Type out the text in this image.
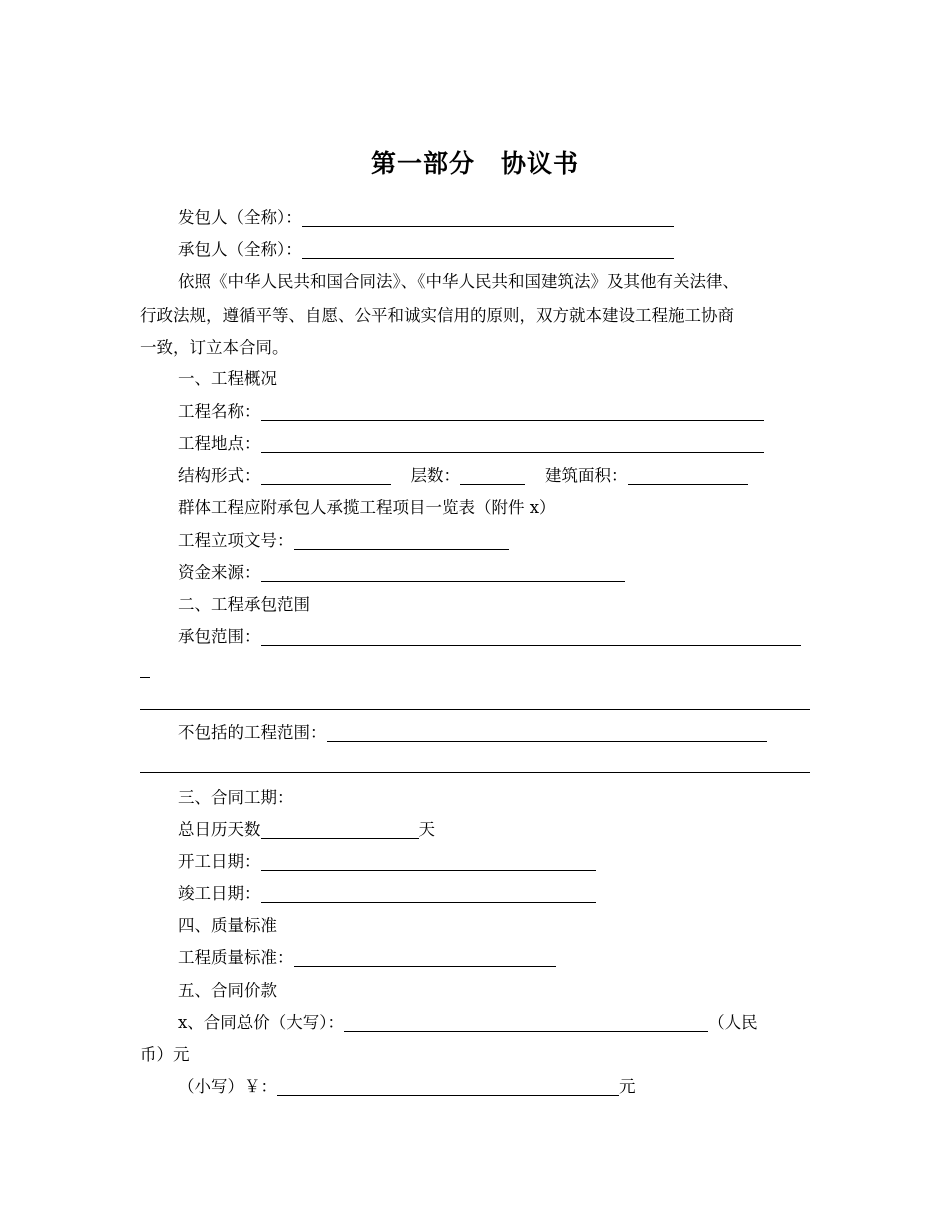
第一部分　协议书
发包人（全称）：
承包人（全称）：
依照《中华人民共和国合同法》、《中华人民共和国建筑法》及其他有关法律、
行政法规，遵循平等、自愿、公平和诚实信用的原则，双方就本建设工程施工协商
一致，订立本合同。
一、工程概况
工程名称：
工程地点：
结构形式：	层数：	建筑面积：
群体工程应附承包人承揽工程项目一览表（附件 x）
工程立项文号：
资金来源：
二、工程承包范围
承包范围：
不包括的工程范围：
三、合同工期：
总日历天数	天
开工日期：
竣工日期：
四、质量标准
工程质量标准：
五、合同价款
x、合同总价（大写）：	（人民
币）元
（小写）￥：	元
